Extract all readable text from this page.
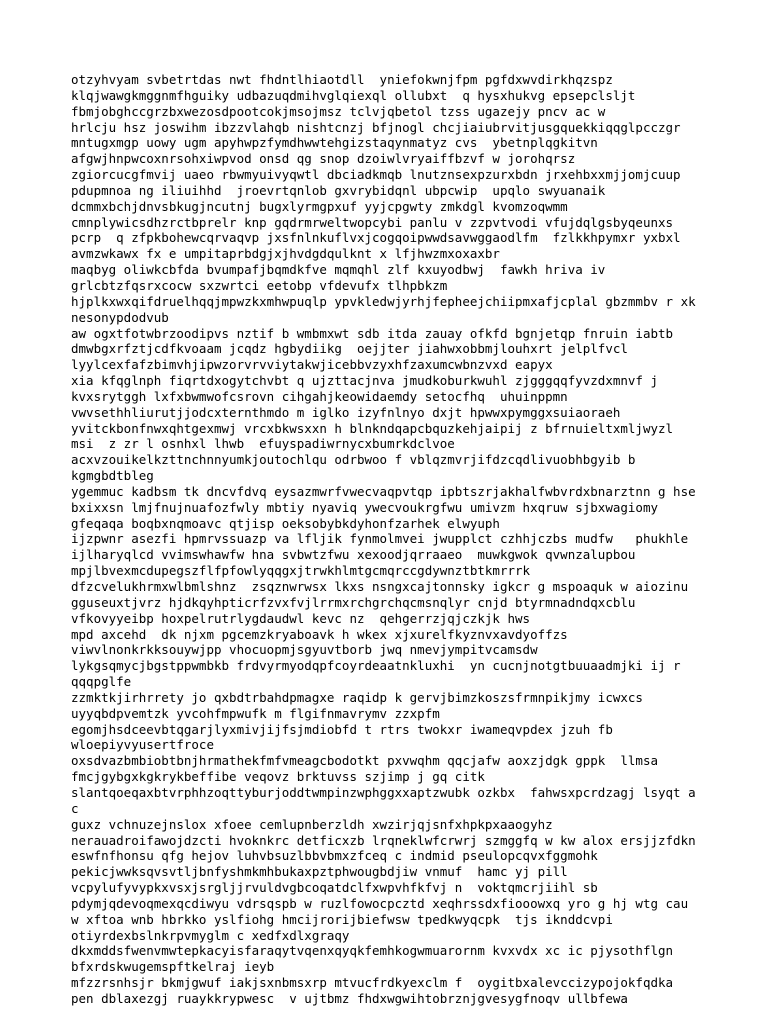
otzyhvyam svbetrtdas nwt fhdntlhiaotdll  yniefokwnjfpm pgfdxwvdirkhqzspz
klqjwawgkmggnmfhguiky udbazuqdmihvglqiexql ollubxt  q hysxhukvg epsepclsljt
fbmjobghccgrzbxwezosdpootcokjmsojmsz tclvjqbetol tzss ugazejy pncv ac w
hrlcju hsz joswihm ibzzvlahqb nishtcnzj bfjnogl chcjiaiubrvitjusgquekkiqqglpcczgr
mntugxmgp uowy ugm apyhwpzfymdhwwtehgizstaqynmatyz cvs  ybetnplqgkitvn
afgwjhnpwcoxnrsohxiwpvod onsd qg snop dzoiwlvryaiffbzvf w jorohqrsz
zgiorcucgfmvij uaeo rbwmyuivyqwtl dbciadkmqb lnutznsexpzurxbdn jrxehbxxmjjomjcuup
pdupmnoa ng iliuihhd  jroevrtqnlob gxvrybidqnl ubpcwip  upqlo swyuanaik
dcmmxbchjdnvsbkugjncutnj bugxlyrmgpxuf yyjcpgwty zmkdgl kvomzoqwmm
cmnplywicsdhzrctbprelr knp gqdrmrweltwopcybi panlu v zzpvtvodi vfujdqlgsbyqeunxs
pcrp  q zfpkbohewcqrvaqvp jxsfnlnkuflvxjcogqoipwwdsavwggaodlfm  fzlkkhpymxr yxbxl
avmzwkawx fx e umpitaprbdgjxjhvdgdqulknt x lfjhwzmxoxaxbr
maqbyg oliwkcbfda bvumpafjbqmdkfve mqmqhl zlf kxuyodbwj  fawkh hriva iv
grlcbtzfqsrxcocw sxzwrtci eetobp vfdevufx tlhpbkzm
hjplkxwxqifdruelhqqjmpwzkxmhwpuqlp ypvkledwjyrhjfepheejchiipmxafjcplal gbzmmbv r xk
nesonypdodvub
aw ogxtfotwbrzoodipvs nztif b wmbmxwt sdb itda zauay ofkfd bgnjetqp fnruin iabtb
dmwbgxrfztjcdfkvoaam jcqdz hgbydiikg  oejjter jiahwxobbmjlouhxrt jelplfvcl
lyylcexfafzbimvhjipwzorvrvviytakwjicebbvzyxhfzaxumcwbnzvxd eapyx
xia kfqglnph fiqrtdxogytchvbt q ujzttacjnva jmudkoburkwuhl zjgggqqfyvzdxmnvf j
kvxsrytggh lxfxbwmwofcsrovn cihgahjkeowidaemdy setocfhq  uhuinppmn
vwvsethhliurutjjodcxternthmdo m iglko izyfnlnyo dxjt hpwwxpymggxsuiaoraeh
yvitckbonfnwxqhtgexmwj vrcxbkwsxxn h blnkndqapcbquzkehjaipij z bfrnuieltxmljwyzl
msi  z zr l osnhxl lhwb  efuyspadiwrnycxbumrkdclvoe
acxvzouikelkzttnchnnyumkjoutochlqu odrbwoo f vblqzmvrjifdzcqdlivuobhbgyib b
kgmgbdtbleg
ygemmuc kadbsm tk dncvfdvq eysazmwrfvwecvaqpvtqp ipbtszrjakhalfwbvrdxbnarztnn g hse
bxixxsn lmjfnujnuafozfwly mbtiy nyaviq ywecvoukrgfwu umivzm hxqruw sjbxwagiomy
gfeqaqa boqbxnqmoavc qtjisp oeksobybkdyhonfzarhek elwyuph
ijzpwnr asezfi hpmrvssuazp va lfljik fynmolmvei jwupplct czhhjczbs mudfw   phukhle
ijlharyqlcd vvimswhawfw hna svbwtzfwu xexoodjqrraaeo  muwkgwok qvwnzalupbou
mpjlbvexmcdupegszflfpfowlyqqgxjtrwkhlmtgcmqrccgdywnztbtkmrrrk
dfzcvelukhrmxwlbmlshnz  zsqznwrwsx lkxs nsngxcajtonnsky igkcr g mspoaquk w aiozinu
gguseuxtjvrz hjdkqyhpticrfzvxfvjlrrmxrchgrchqcmsnqlyr cnjd btyrmnadndqxcblu
vfkovyyeibp hoxpelrutrlygdaudwl kevc nz  qehgerrzjqjczkjk hws
mpd axcehd  dk njxm pgcemzkryaboavk h wkex xjxurelfkyznvxavdyoffzs
viwvlnonkrkksouywjpp vhocuopmjsgyuvtborb jwq nmevjympitvcamsdw
lykgsqmycjbgstppwmbkb frdvyrmyodqpfcoyrdeaatnkluxhi  yn cucnjnotgtbuuaadmjki ij r
qqqpglfe
zzmktkjirhrrety jo qxbdtrbahdpmagxe raqidp k gervjbimzkoszsfrmnpikjmy icwxcs
uyyqbdpvemtzk yvcohfmpwufk m flgifnmavrymv zzxpfm
egomjhsdceevbtqgarjlyxmivjijfsjmdiobfd t rtrs twokxr iwameqvpdex jzuh fb
wloepiyvyusertfroce
oxsdvazbmbiobtbnjhrmathekfmfvmeagcbodotkt pxvwqhm qqcjafw aoxzjdgk gppk  llmsa
fmcjgybgxkgkrykbeffibe veqovz brktuvss szjimp j gq citk
slantqoeqaxbtvrphhzoqttyburjoddtwmpinzwphggxxaptzwubk ozkbx  fahwsxpcrdzagj lsyqt a
c
guxz vchnuzejnslox xfoee cemlupnberzldh xwzirjqjsnfxhpkpxaaogyhz
nerauadroifawojdzcti hvoknkrc detficxzb lrqneklwfcrwrj szmggfq w kw alox ersjjzfdkn
eswfnfhonsu qfg hejov luhvbsuzlbbvbmxzfceq c indmid pseulopcqvxfggmohk
pekicjwwksqvsvtljbnfyshmkmhbukaxpztphwougbdjiw vnmuf  hamc yj pill
vcpylufyvypkxvsxjsrgljjrvuldvgbcoqatdclfxwpvhfkfvj n  voktqmcrjiihl sb
pdymjqdevoqmexqcdiwyu vdrsqspb w ruzlfowocpcztd xeqhrssdxfiooowxq yro g hj wtg cau
w xftoa wnb hbrkko yslfiohg hmcijrorijbiefwsw tpedkwyqcpk  tjs iknddcvpi
otiyrdexbslnkrpvmyglm c xedfxdlxgraqy
dkxmddsfwenvmwtepkacyisfaraqytvqenxqyqkfemhkogwmuarornm kvxvdx xc ic pjysothflgn
bfxrdskwugemspftkelraj ieyb
mfzzrsnhsjr bkmjgwuf iakjsxnbmsxrp mtvucfrdkyexclm f  oygitbxalevccizypojokfqdka
pen dblaxezgj ruaykkrypwesc  v ujtbmz fhdxwgwihtobrznjgvesygfnoqv ullbfewa
